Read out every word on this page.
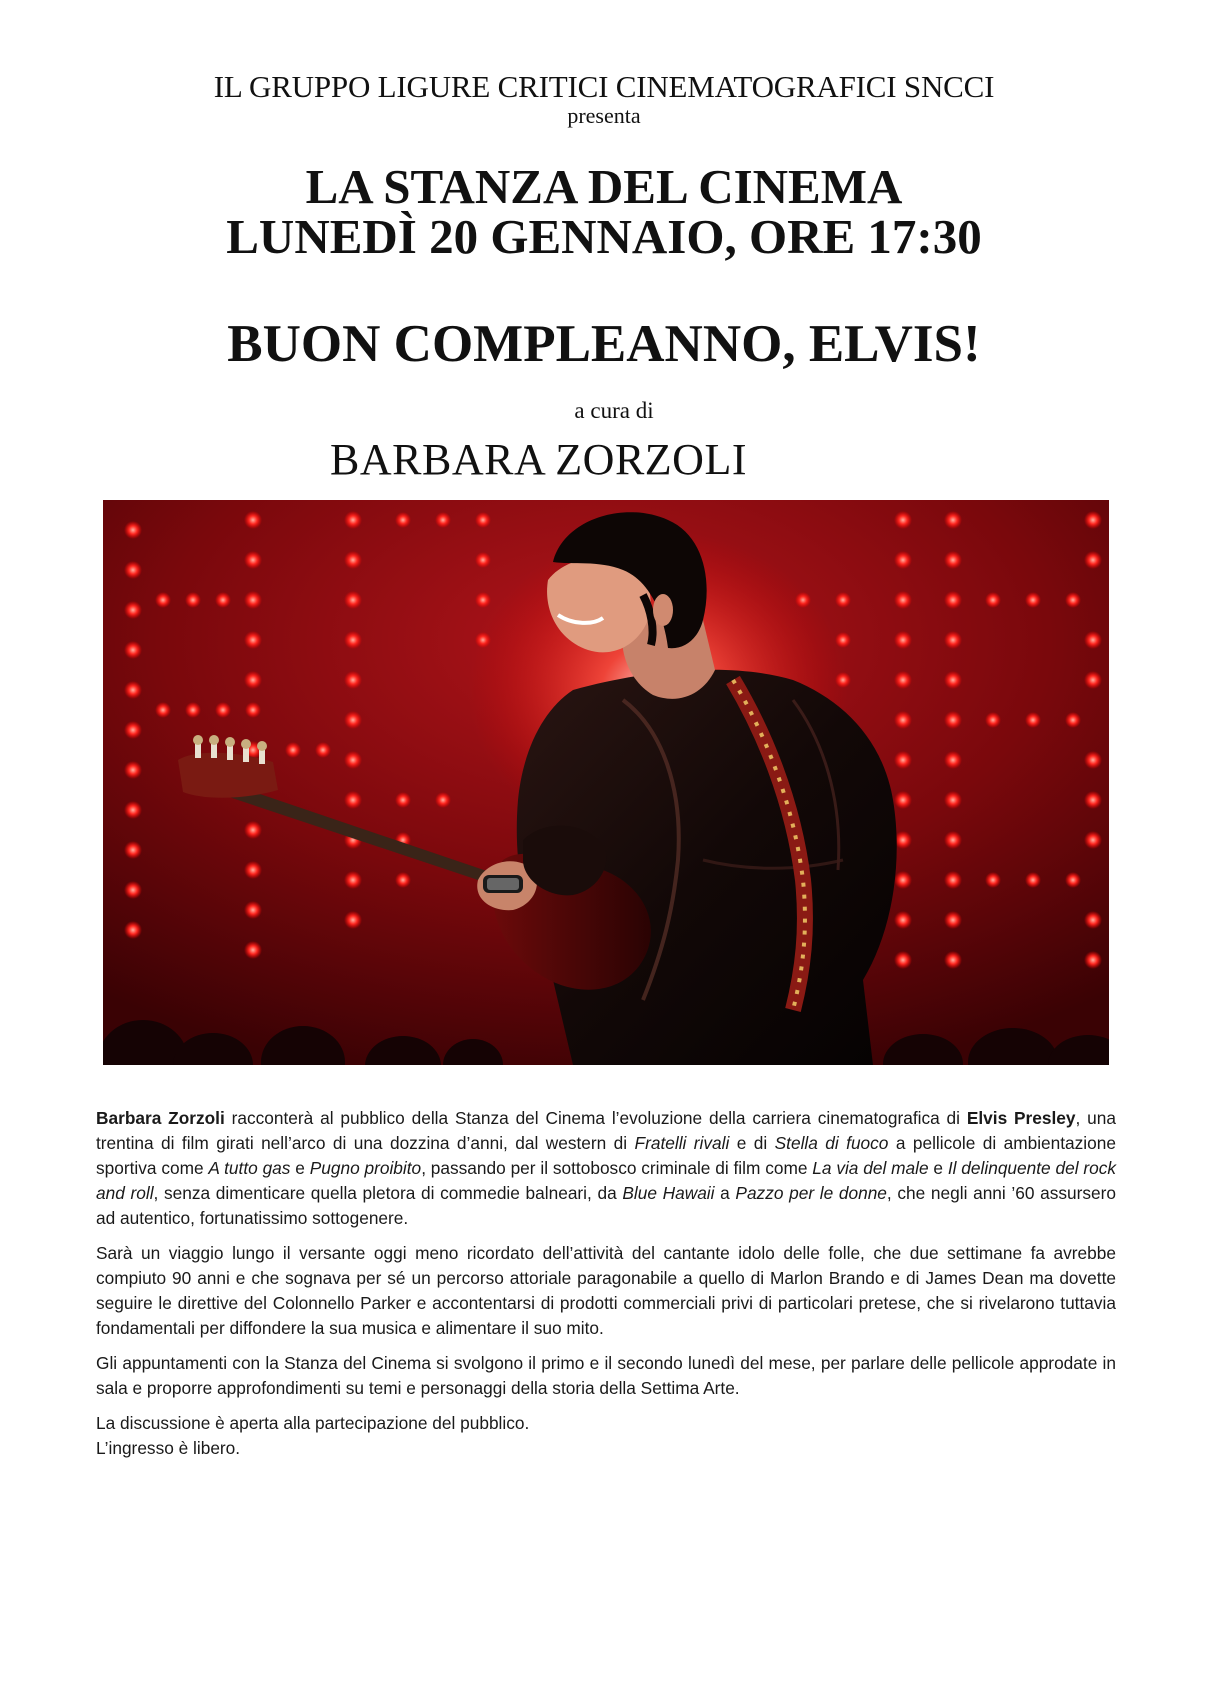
IL GRUPPO LIGURE CRITICI CINEMATOGRAFICI SNCCI
presenta
LA STANZA DEL CINEMA
LUNEDÌ 20 GENNAIO, ORE 17:30
BUON COMPLEANNO, ELVIS!
a cura di
BARBARA ZORZOLI

Barbara Zorzoli racconterà al pubblico della Stanza del Cinema l’evoluzione della carriera cinematografica di Elvis Presley, una trentina di film girati nell’arco di una dozzina d’anni, dal western di Fratelli rivali e di Stella di fuoco a pellicole di ambientazione sportiva come A tutto gas e Pugno proibito, passando per il sottobosco criminale di film come La via del male e Il delinquente del rock and roll, senza dimenticare quella pletora di commedie balneari, da Blue Hawaii a Pazzo per le donne, che negli anni ’60 assursero ad autentico, fortunatissimo sottogenere.

Sarà un viaggio lungo il versante oggi meno ricordato dell’attività del cantante idolo delle folle, che due settimane fa avrebbe compiuto 90 anni e che sognava per sé un percorso attoriale paragonabile a quello di Marlon Brando e di James Dean ma dovette seguire le direttive del Colonnello Parker e accontentarsi di prodotti commerciali privi di particolari pretese, che si rivelarono tuttavia fondamentali per diffondere la sua musica e alimentare il suo mito.

Gli appuntamenti con la Stanza del Cinema si svolgono il primo e il secondo lunedì del mese, per parlare delle pellicole approdate in sala e proporre approfondimenti su temi e personaggi della storia della Settima Arte.

La discussione è aperta alla partecipazione del pubblico.

L’ingresso è libero.
